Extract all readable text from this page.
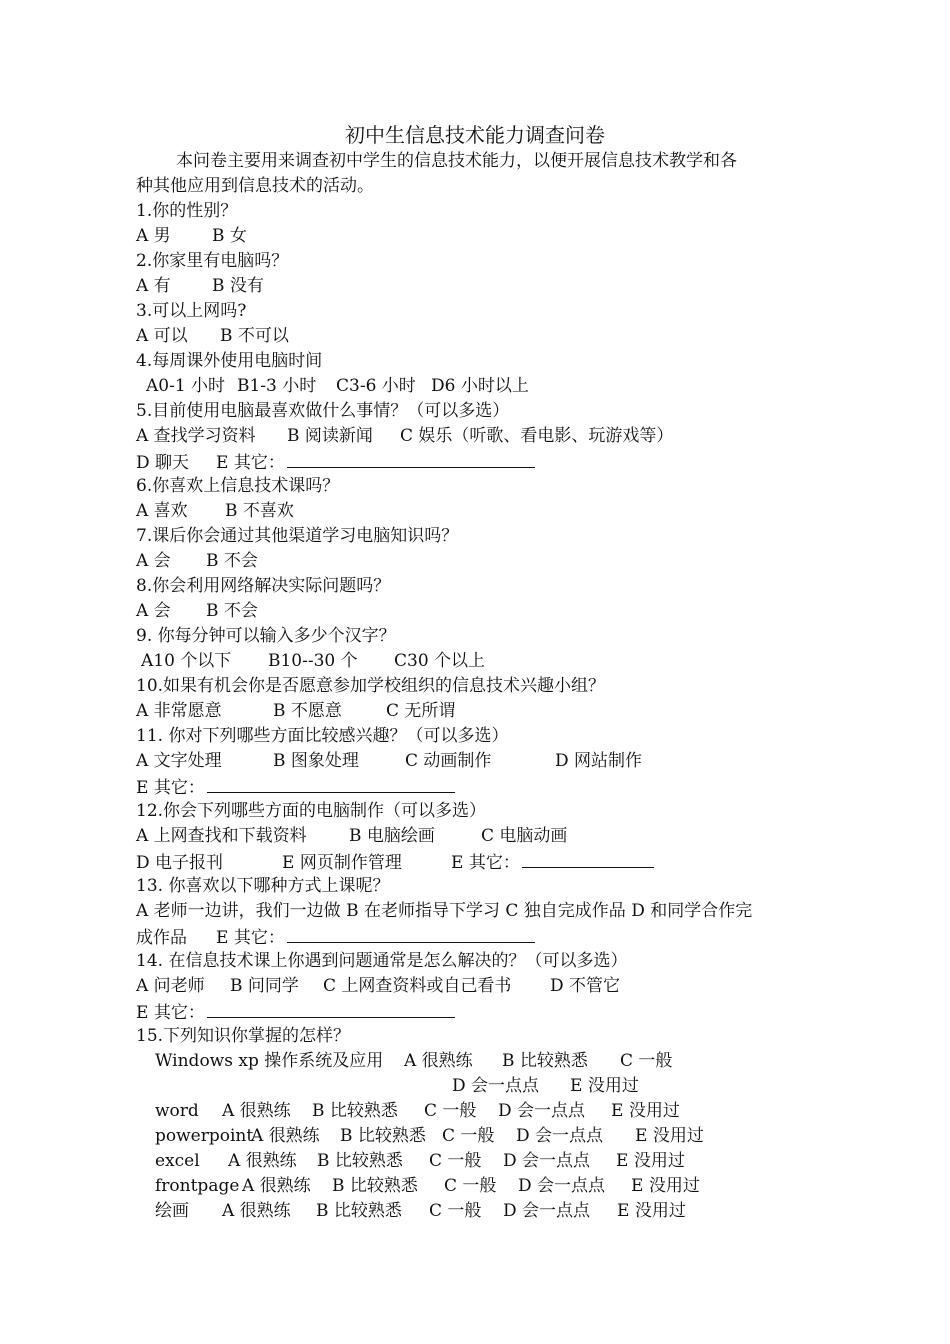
初中生信息技术能力调查问卷
本问卷主要用来调查初中学生的信息技术能力，以便开展信息技术教学和各
种其他应用到信息技术的活动。
1.你的性别？
A 男 B 女
2.你家里有电脑吗？
A 有 B 没有
3.可以上网吗?
A 可以 B 不可以
4.每周课外使用电脑时间
A0-1 小时 B1-3 小时 C3-6 小时 D6 小时以上
5.目前使用电脑最喜欢做什么事情？（可以多选）
A 查找学习资料 B 阅读新闻 C 娱乐（听歌、看电影、玩游戏等）
D 聊天 E 其它：
6.你喜欢上信息技术课吗？
A 喜欢 B 不喜欢
7.课后你会通过其他渠道学习电脑知识吗？
A 会 B 不会
8.你会利用网络解决实际问题吗？
A 会 B 不会
9. 你每分钟可以输入多少个汉字？
A10 个以下 B10--30 个 C30 个以上
10.如果有机会你是否愿意参加学校组织的信息技术兴趣小组？
A 非常愿意	B 不愿意	C 无所谓
11. 你对下列哪些方面比较感兴趣？（可以多选）
A 文字处理	B 图象处理	C 动画制作	D 网站制作
E 其它：
12.你会下列哪些方面的电脑制作（可以多选）
A 上网查找和下载资料 B 电脑绘画	C 电脑动画
D 电子报刊	E 网页制作管理	E 其它：
13. 你喜欢以下哪种方式上课呢？
A 老师一边讲，我们一边做 B 在老师指导下学习 C 独自完成作品 D 和同学合作完
成作品 E 其它：
14. 在信息技术课上你遇到问题通常是怎么解决的？（可以多选）
A 问老师 B 问同学 C 上网查资料或自己看书 D 不管它
E 其它：
15.下列知识你掌握的怎样？
Windows xp 操作系统及应用 A 很熟练 B 比较熟悉 C 一般
D 会一点点 E 没用过
word A 很熟练 B 比较熟悉 C 一般 D 会一点点 E 没用过
powerpointA 很熟练 B 比较熟悉 C 一般 D 会一点点 E 没用过
excel A 很熟练 B 比较熟悉 C 一般 D 会一点点 E 没用过
frontpage A 很熟练 B 比较熟悉 C 一般 D 会一点点 E 没用过
绘画 A 很熟练 B 比较熟悉 C 一般 D 会一点点 E 没用过
